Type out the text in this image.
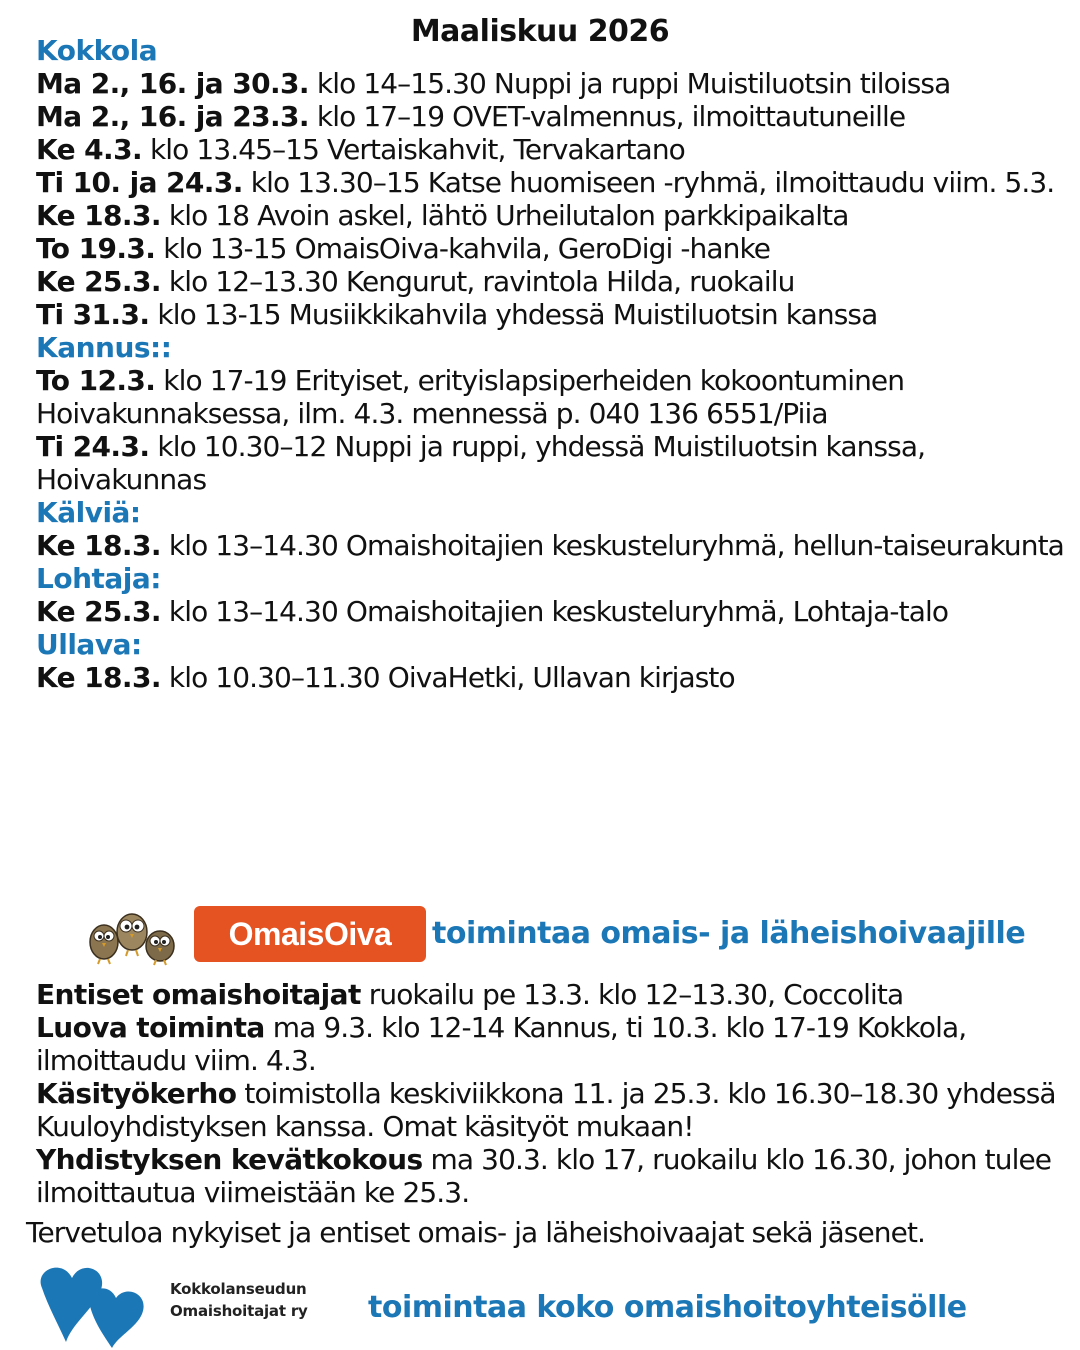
Maaliskuu 2026
Kokkola
Ma 2., 16. ja 30.3. klo 14–15.30 Nuppi ja ruppi Muistiluotsin tiloissa
Ma 2., 16. ja 23.3. klo 17–19 OVET-valmennus, ilmoittautuneille
Ke 4.3. klo 13.45–15 Vertaiskahvit, Tervakartano
Ti 10. ja 24.3. klo 13.30–15 Katse huomiseen -ryhmä, ilmoittaudu viim. 5.3.
Ke 18.3. klo 18 Avoin askel, lähtö Urheilutalon parkkipaikalta
To 19.3. klo 13-15 OmaisOiva-kahvila, GeroDigi -hanke
Ke 25.3. klo 12–13.30 Kengurut, ravintola Hilda, ruokailu
Ti 31.3. klo 13-15 Musiikkikahvila yhdessä Muistiluotsin kanssa
Kannus::
To 12.3. klo 17-19 Erityiset, erityislapsiperheiden kokoontuminen Hoivakunnaksessa, ilm. 4.3. mennessä p. 040 136 6551/Piia
Ti 24.3. klo 10.30–12 Nuppi ja ruppi, yhdessä Muistiluotsin kanssa, Hoivakunnas
Kälviä:
Ke 18.3. klo 13–14.30 Omaishoitajien keskusteluryhmä, hellun-taiseurakunta
Lohtaja:
Ke 25.3. klo 13–14.30 Omaishoitajien keskusteluryhmä, Lohtaja-talo
Ullava:
Ke 18.3. klo 10.30–11.30 OivaHetki, Ullavan kirjasto
OmaisOiva	toimintaa omais- ja läheishoivaajille
Entiset omaishoitajat ruokailu pe 13.3. klo 12–13.30, Coccolita
Luova toiminta ma 9.3. klo 12-14 Kannus, ti 10.3. klo 17-19 Kokkola, ilmoittaudu viim. 4.3.
Käsityökerho toimistolla keskiviikkona 11. ja 25.3. klo 16.30–18.30 yhdessä Kuuloyhdistyksen kanssa. Omat käsityöt mukaan!
Yhdistyksen kevätkokous ma 30.3. klo 17, ruokailu klo 16.30, johon tulee ilmoittautua viimeistään ke 25.3.
Tervetuloa nykyiset ja entiset omais- ja läheishoivaajat sekä jäsenet.
Kokkolanseudun
Omaishoitajat ry toimintaa koko omaishoitoyhteisölle
